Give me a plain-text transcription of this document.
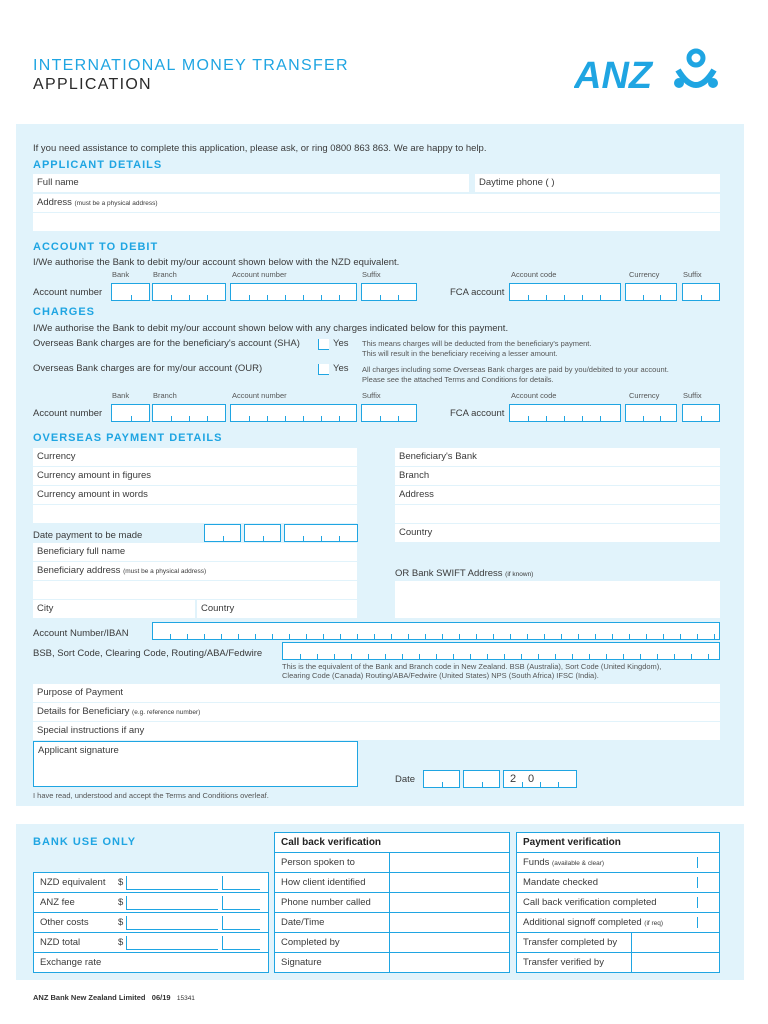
INTERNATIONAL MONEY TRANSFER
APPLICATION	ANZ
If you need assistance to complete this application, please ask, or ring 0800 863 863. We are happy to help.
APPLICANT DETAILS
Full name	Daytime phone ( )
Address (must be a physical address)
ACCOUNT TO DEBIT
I/We authorise the Bank to debit my/our account shown below with the NZD equivalent.
Bank	Branch	Account number	Suffix	Account code	Currency	Suffix
Account number	FCA account
CHARGES
I/We authorise the Bank to debit my/our account shown below with any charges indicated below for this payment.
Overseas Bank charges are for the beneficiary's account (SHA)	Yes This means charges will be deducted from the beneficiary's payment.
This will result in the beneficiary receiving a lesser amount.
Overseas Bank charges are for my/our account (OUR)	Yes All charges including some Overseas Bank charges are paid by you/debited to your account.
Please see the attached Terms and Conditions for details.
Bank	Branch	Account number	Suffix	Account code	Currency	Suffix
Account number	FCA account
OVERSEAS PAYMENT DETAILS
Currency
Currency amount in figures
Currency amount in words
Date payment to be made
Beneficiary full name
Beneficiary address (must be a physical address)
City	Country
Beneficiary's Bank
Branch
Address
Country
OR Bank SWIFT Address (if known)
Account Number/IBAN
BSB, Sort Code, Clearing Code, Routing/ABA/Fedwire
This is the equivalent of the Bank and Branch code in New Zealand. BSB (Australia), Sort Code (United Kingdom),
Clearing Code (Canada) Routing/ABA/Fedwire (United States) NPS (South Africa) IFSC (India).
Purpose of Payment
Details for Beneficiary (e.g. reference number)
Special instructions if any
Applicant signature
Date	2 0
I have read, understood and accept the Terms and Conditions overleaf.
BANK USE ONLY
NZD equivalent $
ANZ fee	$
Other costs	$
NZD total	$
Exchange rate
Call back verification
Person spoken to
How client identified
Phone number called
Date/Time
Completed by
Signature
Payment verification
Funds (available & clear)
Mandate checked
Call back verification completed
Additional signoff completed (if req)
Transfer completed by
Transfer verified by
ANZ Bank New Zealand Limited 06/19 15341
